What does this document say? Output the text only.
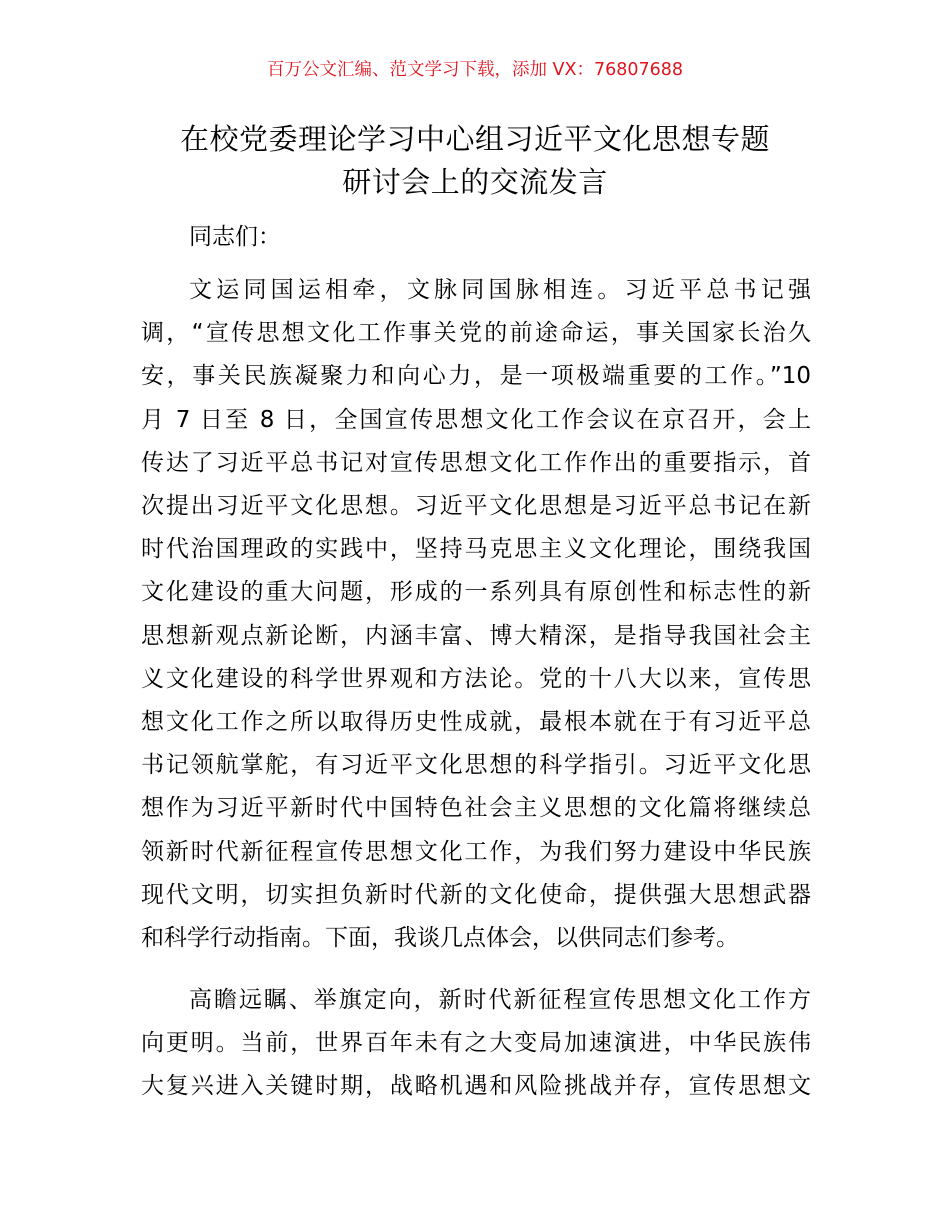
百万公文汇编、范文学习下载，添加 VX：76807688
在校党委理论学习中心组习近平文化思想专题
研讨会上的交流发言
同志们：
文运同国运相牵，文脉同国脉相连。习近平总书记强
调，“宣传思想文化工作事关党的前途命运，事关国家长治久
安，事关民族凝聚力和向心力，是一项极端重要的工作。”10
月 7 日至 8 日，全国宣传思想文化工作会议在京召开，会上
传达了习近平总书记对宣传思想文化工作作出的重要指示，首
次提出习近平文化思想。习近平文化思想是习近平总书记在新
时代治国理政的实践中，坚持马克思主义文化理论，围绕我国
文化建设的重大问题，形成的一系列具有原创性和标志性的新
思想新观点新论断，内涵丰富、博大精深，是指导我国社会主
义文化建设的科学世界观和方法论。党的十八大以来，宣传思
想文化工作之所以取得历史性成就，最根本就在于有习近平总
书记领航掌舵，有习近平文化思想的科学指引。习近平文化思
想作为习近平新时代中国特色社会主义思想的文化篇将继续总
领新时代新征程宣传思想文化工作，为我们努力建设中华民族
现代文明，切实担负新时代新的文化使命，提供强大思想武器
和科学行动指南。下面，我谈几点体会，以供同志们参考。
高瞻远瞩、举旗定向，新时代新征程宣传思想文化工作方
向更明。当前，世界百年未有之大变局加速演进，中华民族伟
大复兴进入关键时期，战略机遇和风险挑战并存，宣传思想文
